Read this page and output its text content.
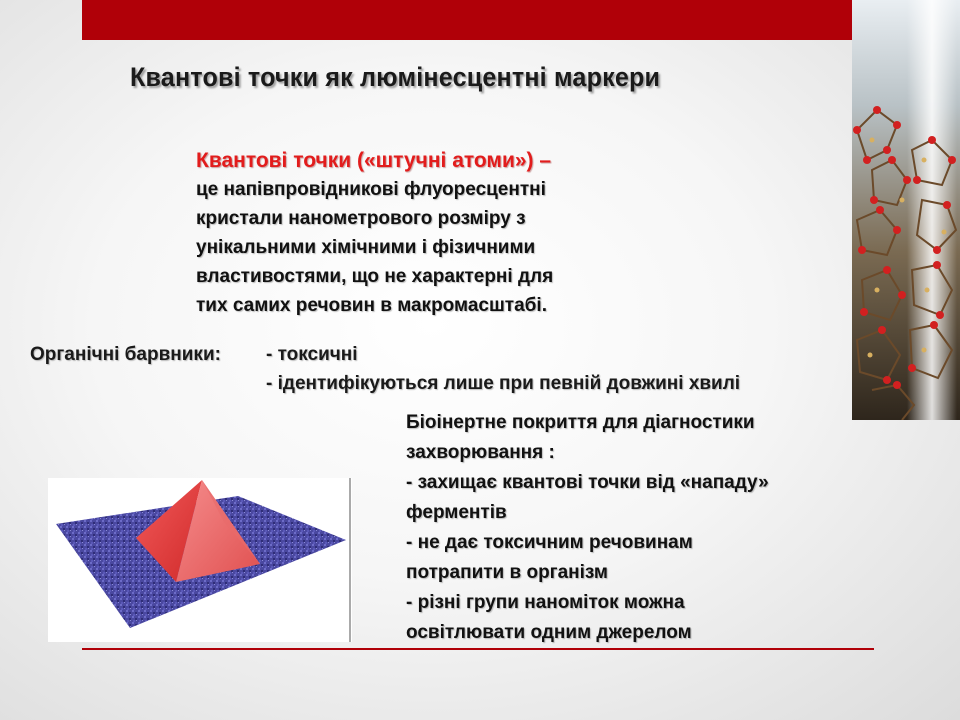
Квантові точки як люмінесцентні маркери
Квантові точки («штучні атоми») –
це напівпровідникові флуоресцентні
кристали нанометрового розміру з
унікальними хімічними і фізичними
властивостями, що не характерні для
тих самих речовин в макромасштабі.
Органічні барвники: - токсичні
- ідентифікуються лише при певній довжині хвилі
Біоінертне покриття для діагностики
захворювання :
- захищає квантові точки від «нападу»
ферментів
- не дає токсичним речовинам
потрапити в організм
- різні групи наноміток можна
освітлювати одним джерелом
